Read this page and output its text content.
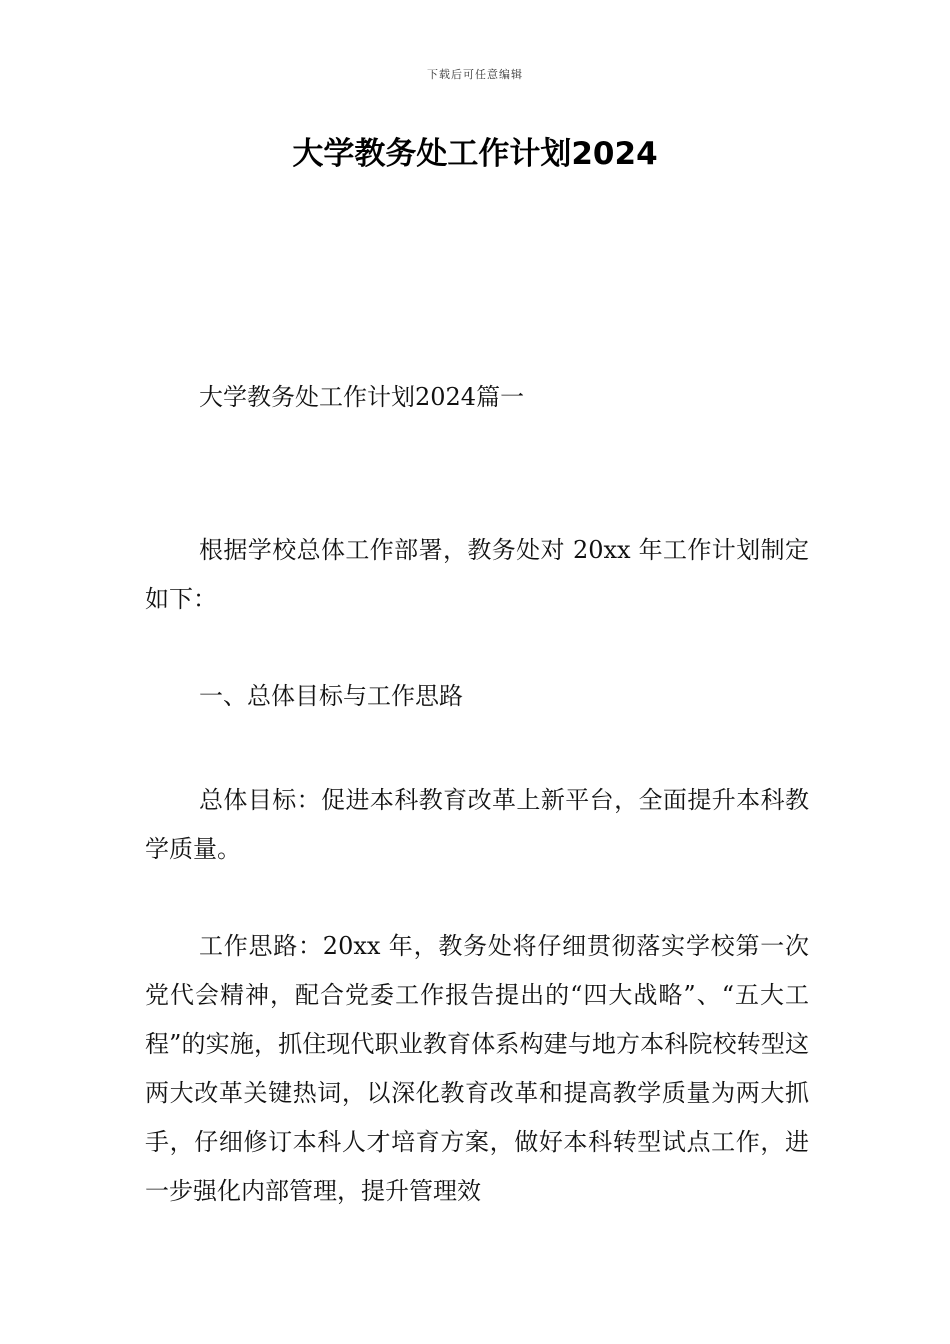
下载后可任意编辑
大学教务处工作计划2024

大学教务处工作计划2024篇一

根据学校总体工作部署，教务处对 20xx 年工作计划制定如下：

一、总体目标与工作思路

总体目标：促进本科教育改革上新平台，全面提升本科教学质量。

工作思路：20xx 年，教务处将仔细贯彻落实学校第一次党代会精神，配合党委工作报告提出的“四大战略”、“五大工程”的实施，抓住现代职业教育体系构建与地方本科院校转型这两大改革关键热词，以深化教育改革和提高教学质量为两大抓手，仔细修订本科人才培育方案，做好本科转型试点工作，进一步强化内部管理，提升管理效
